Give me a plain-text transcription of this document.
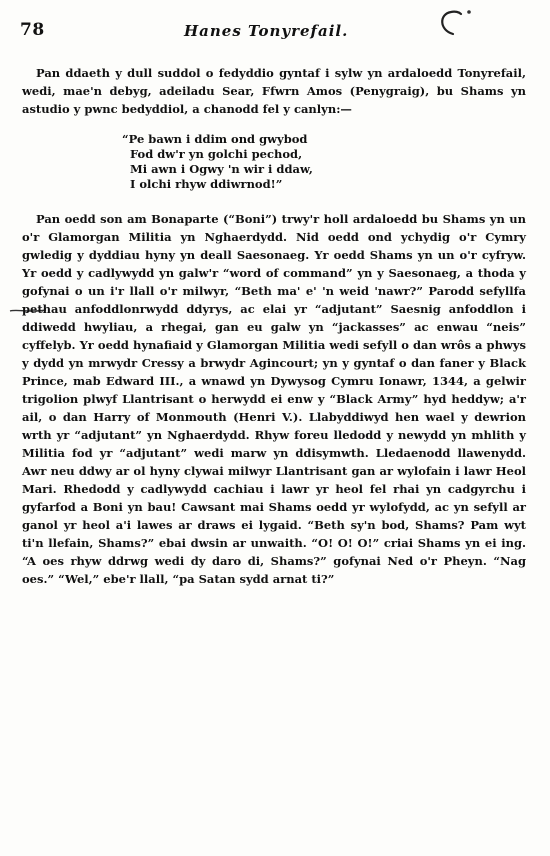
78	Hanes Tonyrefail.

Pan ddaeth y dull suddol o fedyddio gyntaf i sylw yn ardaloedd Tonyrefail, wedi, mae'n debyg, adeiladu Sear, Ffwrn Amos (Penygraig), bu Shams yn astudio y pwnc bedyddiol, a chanodd fel y canlyn:—

“Pe bawn i ddim ond gwybod
Fod dw'r yn golchi pechod,
Mi awn i Ogwy 'n wir i ddaw,
I olchi rhyw ddiwrnod!”

Pan oedd son am Bonaparte (“Boni”) trwy'r holl ardaloedd bu Shams yn un o'r Glamorgan Militia yn Nghaerdydd. Nid oedd ond ychydig o'r Cymry gwledig y dyddiau hyny yn deall Saesonaeg. Yr oedd Shams yn un o'r cyfryw. Yr oedd y cadlywydd yn galw'r “word of command” yn y Saesonaeg, a thoda y gofynai o un i'r llall o'r milwyr, “Beth ma' e' 'n weid 'nawr?” Parodd sefyllfa pethau anfoddlonrwydd ddyrys, ac elai yr “adjutant” Saesnig anfoddlon i ddiwedd hwyliau, a rhegai, gan eu galw yn “jackasses” ac enwau “neis” cyffelyb. Yr oedd hynafiaid y Glamorgan Militia wedi sefyll o dan wrôs a phwys y dydd yn mrwydr Cressy a brwydr Agincourt; yn y gyntaf o dan faner y Black Prince, mab Edward III., a wnawd yn Dywysog Cymru Ionawr, 1344, a gelwir trigolion plwyf Llantrisant o herwydd ei enw y “Black Army” hyd heddyw; a'r ail, o dan Harry of Monmouth (Henri V.). Llabyddiwyd hen wael y dewrion wrth yr “adjutant” yn Nghaerdydd. Rhyw foreu lledodd y newydd yn mhlith y Militia fod yr “adjutant” wedi marw yn ddisymwth. Lledaenodd llawenydd. Awr neu ddwy ar ol hyny clywai milwyr Llantrisant gan ar wylofain i lawr Heol Mari. Rhedodd y cadlywydd cachiau i lawr yr heol fel rhai yn cadgyrchu i gyfarfod a Boni yn bau! Cawsant mai Shams oedd yr wylofydd, ac yn sefyll ar ganol yr heol a'i lawes ar draws ei lygaid. “Beth sy'n bod, Shams? Pam wyt ti'n llefain, Shams?” ebai dwsin ar unwaith. “O! O! O!” criai Shams yn ei ing. “A oes rhyw ddrwg wedi dy daro di, Shams?” gofynai Ned o'r Pheyn. “Nag oes.” “Wel,” ebe'r llall, “pa Satan sydd arnat ti?”
